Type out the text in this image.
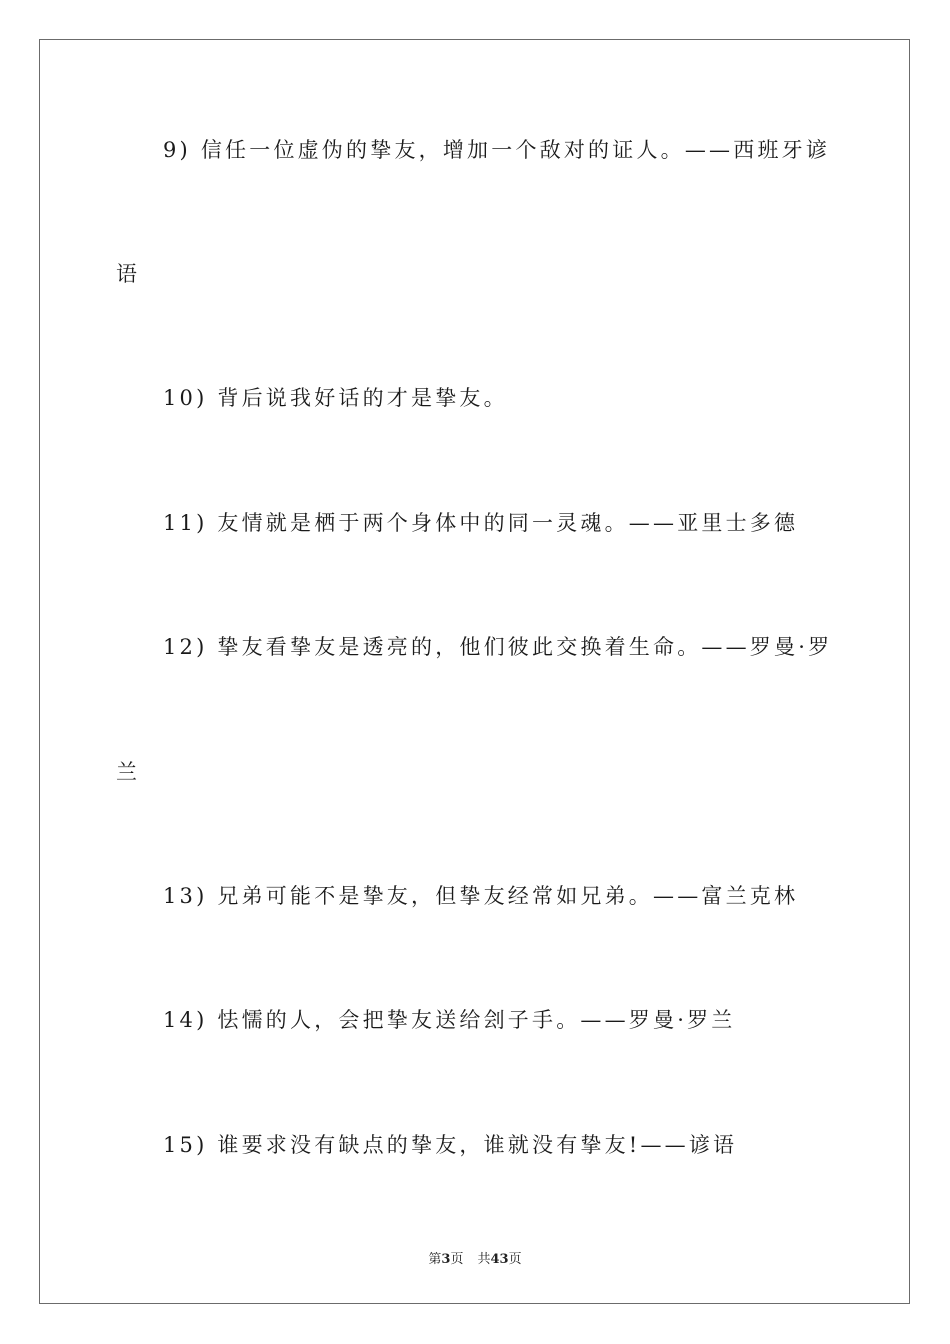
9) 信任一位虚伪的挚友，增加一个敌对的证人。——西班牙谚
语
10) 背后说我好话的才是挚友。
11) 友情就是栖于两个身体中的同一灵魂。——亚里士多德
12) 挚友看挚友是透亮的，他们彼此交换着生命。——罗曼·罗
兰
13) 兄弟可能不是挚友，但挚友经常如兄弟。——富兰克林
14) 怯懦的人，会把挚友送给刽子手。——罗曼·罗兰
15) 谁要求没有缺点的挚友，谁就没有挚友!——谚语
第3页 共43页
